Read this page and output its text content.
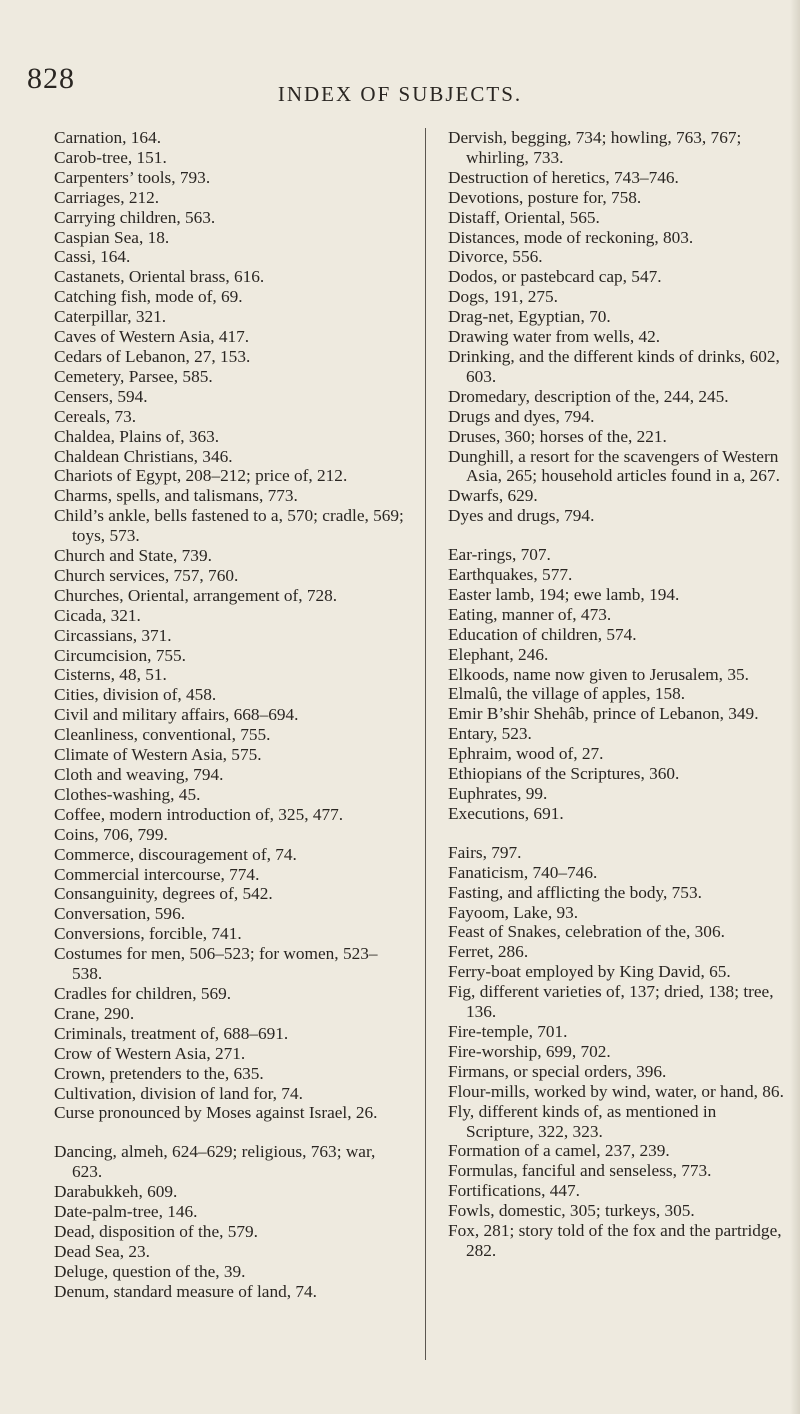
828	INDEX OF SUBJECTS.

Carnation, 164.

Carob-tree, 151.

Carpenters’ tools, 793.

Carriages, 212.

Carrying children, 563.

Caspian Sea, 18.

Cassi, 164.

Castanets, Oriental brass, 616.

Catching fish, mode of, 69.

Caterpillar, 321.

Caves of Western Asia, 417.

Cedars of Lebanon, 27, 153.

Cemetery, Parsee, 585.

Censers, 594.

Cereals, 73.

Chaldea, Plains of, 363.

Chaldean Christians, 346.

Chariots of Egypt, 208–212; price of, 212.

Charms, spells, and talismans, 773.

Child’s ankle, bells fastened to a, 570; cradle, 569; toys, 573.

Church and State, 739.

Church services, 757, 760.

Churches, Oriental, arrangement of, 728.

Cicada, 321.

Circassians, 371.

Circumcision, 755.

Cisterns, 48, 51.

Cities, division of, 458.

Civil and military affairs, 668–694.

Cleanliness, conventional, 755.

Climate of Western Asia, 575.

Cloth and weaving, 794.

Clothes-washing, 45.

Coffee, modern introduction of, 325, 477.

Coins, 706, 799.

Commerce, discouragement of, 74.

Commercial intercourse, 774.

Consanguinity, degrees of, 542.

Conversation, 596.

Conversions, forcible, 741.

Costumes for men, 506–523; for women, 523–538.

Cradles for children, 569.

Crane, 290.

Criminals, treatment of, 688–691.

Crow of Western Asia, 271.

Crown, pretenders to the, 635.

Cultivation, division of land for, 74.

Curse pronounced by Moses against Israel, 26.

Dancing, almeh, 624–629; religious, 763; war, 623.

Darabukkeh, 609.

Date-palm-tree, 146.

Dead, disposition of the, 579.

Dead Sea, 23.

Deluge, question of the, 39.

Denum, standard measure of land, 74.

Dervish, begging, 734; howling, 763, 767; whirling, 733.

Destruction of heretics, 743–746.

Devotions, posture for, 758.

Distaff, Oriental, 565.

Distances, mode of reckoning, 803.

Divorce, 556.

Dodos, or pastebcard cap, 547.

Dogs, 191, 275.

Drag-net, Egyptian, 70.

Drawing water from wells, 42.

Drinking, and the different kinds of drinks, 602, 603.

Dromedary, description of the, 244, 245.

Drugs and dyes, 794.

Druses, 360; horses of the, 221.

Dunghill, a resort for the scavengers of Western Asia, 265; household articles found in a, 267.

Dwarfs, 629.

Dyes and drugs, 794.

Ear-rings, 707.

Earthquakes, 577.

Easter lamb, 194; ewe lamb, 194.

Eating, manner of, 473.

Education of children, 574.

Elephant, 246.

Elkoods, name now given to Jerusalem, 35.

Elmalû, the village of apples, 158.

Emir B’shir Shehâb, prince of Lebanon, 349.

Entary, 523.

Ephraim, wood of, 27.

Ethiopians of the Scriptures, 360.

Euphrates, 99.

Executions, 691.

Fairs, 797.

Fanaticism, 740–746.

Fasting, and afflicting the body, 753.

Fayoom, Lake, 93.

Feast of Snakes, celebration of the, 306.

Ferret, 286.

Ferry-boat employed by King David, 65.

Fig, different varieties of, 137; dried, 138; tree, 136.

Fire-temple, 701.

Fire-worship, 699, 702.

Firmans, or special orders, 396.

Flour-mills, worked by wind, water, or hand, 86.

Fly, different kinds of, as mentioned in Scripture, 322, 323.

Formation of a camel, 237, 239.

Formulas, fanciful and senseless, 773.

Fortifications, 447.

Fowls, domestic, 305; turkeys, 305.

Fox, 281; story told of the fox and the partridge, 282.
